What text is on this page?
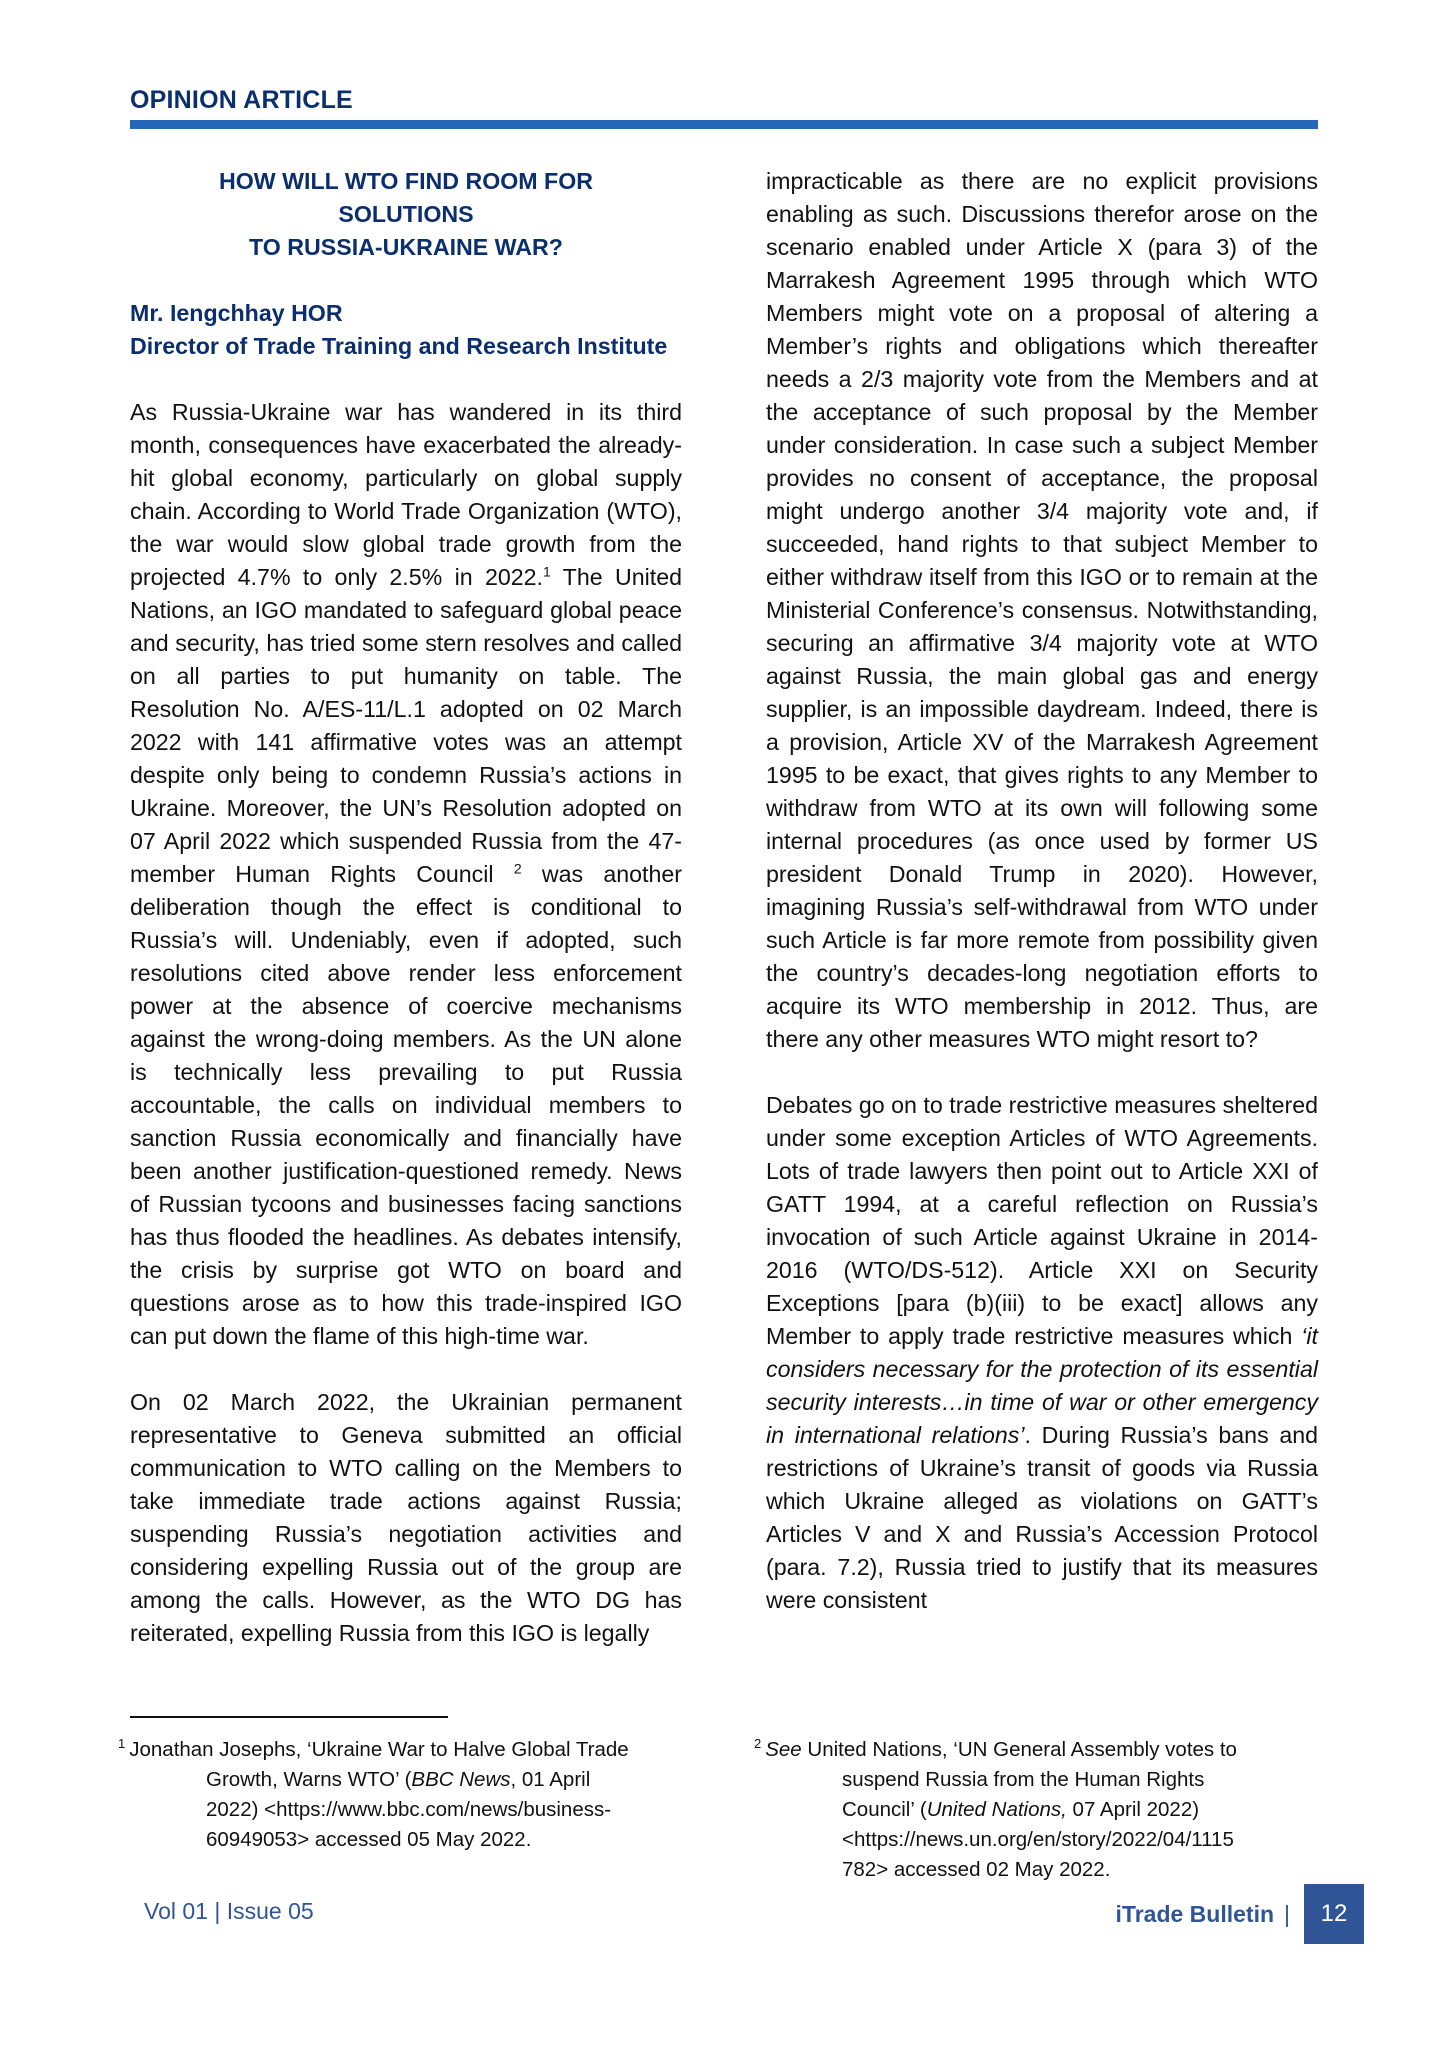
OPINION ARTICLE
HOW WILL WTO FIND ROOM FOR SOLUTIONS
TO RUSSIA-UKRAINE WAR?
Mr. Iengchhay HOR
Director of Trade Training and Research Institute

As Russia-Ukraine war has wandered in its third month, consequences have exacerbated the already-hit global economy, particularly on global supply chain. According to World Trade Organization (WTO), the war would slow global trade growth from the projected 4.7% to only 2.5% in 2022.$^1$ The United Nations, an IGO mandated to safeguard global peace and security, has tried some stern resolves and called on all parties to put humanity on table. The Resolution No. A/ES-11/L.1 adopted on 02 March 2022 with 141 affirmative votes was an attempt despite only being to condemn Russia’s actions in Ukraine. Moreover, the UN’s Resolution adopted on 07 April 2022 which suspended Russia from the 47-member Human Rights Council $^2$ was another deliberation though the effect is conditional to Russia’s will. Undeniably, even if adopted, such resolutions cited above render less enforcement power at the absence of coercive mechanisms against the wrong-doing members. As the UN alone is technically less prevailing to put Russia accountable, the calls on individual members to sanction Russia economically and financially have been another justification-questioned remedy. News of Russian tycoons and businesses facing sanctions has thus flooded the headlines. As debates intensify, the crisis by surprise got WTO on board and questions arose as to how this trade-inspired IGO can put down the flame of this high-time war.

On 02 March 2022, the Ukrainian permanent representative to Geneva submitted an official communication to WTO calling on the Members to take immediate trade actions against Russia; suspending Russia’s negotiation activities and considering expelling Russia out of the group are among the calls. However, as the WTO DG has reiterated, expelling Russia from this IGO is legally

impracticable as there are no explicit provisions enabling as such. Discussions therefor arose on the scenario enabled under Article X (para 3) of the Marrakesh Agreement 1995 through which WTO Members might vote on a proposal of altering a Member’s rights and obligations which thereafter needs a 2/3 majority vote from the Members and at the acceptance of such proposal by the Member under consideration. In case such a subject Member provides no consent of acceptance, the proposal might undergo another 3/4 majority vote and, if succeeded, hand rights to that subject Member to either withdraw itself from this IGO or to remain at the Ministerial Conference’s consensus. Notwithstanding, securing an affirmative 3/4 majority vote at WTO against Russia, the main global gas and energy supplier, is an impossible daydream. Indeed, there is a provision, Article XV of the Marrakesh Agreement 1995 to be exact, that gives rights to any Member to withdraw from WTO at its own will following some internal procedures (as once used by former US president Donald Trump in 2020). However, imagining Russia’s self-withdrawal from WTO under such Article is far more remote from possibility given the country’s decades-long negotiation efforts to acquire its WTO membership in 2012. Thus, are there any other measures WTO might resort to?

Debates go on to trade restrictive measures sheltered under some exception Articles of WTO Agreements. Lots of trade lawyers then point out to Article XXI of GATT 1994, at a careful reflection on Russia’s invocation of such Article against Ukraine in 2014-2016 (WTO/DS-512). Article XXI on Security Exceptions [para (b)(iii) to be exact] allows any Member to apply trade restrictive measures which ‘it considers necessary for the protection of its essential security interests…in time of war or other emergency in international relations’. During Russia’s bans and restrictions of Ukraine’s transit of goods via Russia which Ukraine alleged as violations on GATT’s Articles V and X and Russia’s Accession Protocol (para. 7.2), Russia tried to justify that its measures were consistent

$^1$ Jonathan Josephs, ‘Ukraine War to Halve Global Trade
Growth, Warns WTO’ (BBC News, 01 April
2022) <https://www.bbc.com/news/business-
60949053> accessed 05 May 2022.
$^2$ See United Nations, ‘UN General Assembly votes to
suspend Russia from the Human Rights
Council’ (United Nations, 07 April 2022)
<https://news.un.org/en/story/2022/04/1115
782> accessed 02 May 2022.
Vol 01 | Issue 05	iTrade Bulletin |	12
